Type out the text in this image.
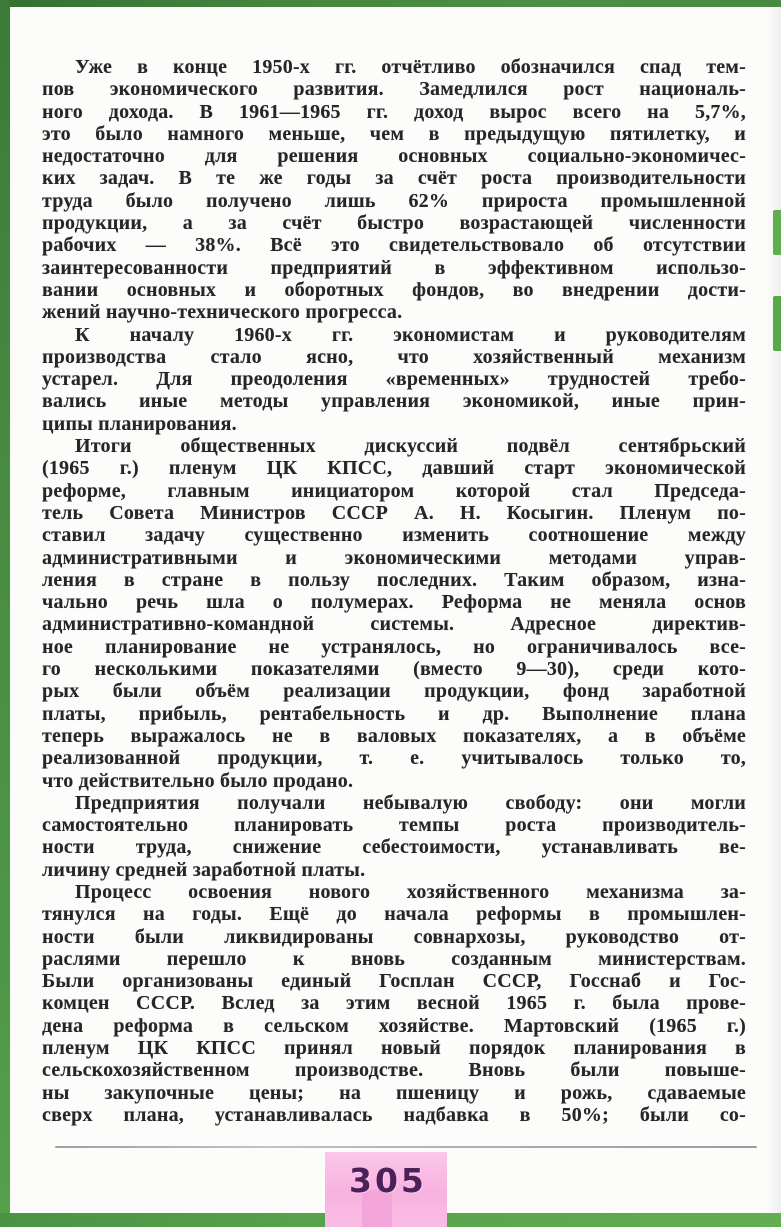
Уже в конце 1950-х гг. отчётливо обозначился спад тем-
пов экономического развития. Замедлился рост националь-
ного дохода. В 1961—1965 гг. доход вырос всего на 5,7%,
это было намного меньше, чем в предыдущую пятилетку, и
недостаточно для решения основных социально-экономичес-
ких задач. В те же годы за счёт роста производительности
труда было получено лишь 62% прироста промышленной
продукции, а за счёт быстро возрастающей численности
рабочих — 38%. Всё это свидетельствовало об отсутствии
заинтересованности предприятий в эффективном использо-
вании основных и оборотных фондов, во внедрении дости-
жений научно-технического прогресса.
К началу 1960-х гг. экономистам и руководителям
производства стало ясно, что хозяйственный механизм
устарел. Для преодоления «временных» трудностей требо-
вались иные методы управления экономикой, иные прин-
ципы планирования.
Итоги общественных дискуссий подвёл сентябрьский
(1965 г.) пленум ЦК КПСС, давший старт экономической
реформе, главным инициатором которой стал Председа-
тель Совета Министров СССР А. Н. Косыгин. Пленум по-
ставил задачу существенно изменить соотношение между
административными и экономическими методами управ-
ления в стране в пользу последних. Таким образом, изна-
чально речь шла о полумерах. Реформа не меняла основ
административно-командной системы. Адресное директив-
ное планирование не устранялось, но ограничивалось все-
го несколькими показателями (вместо 9—30), среди кото-
рых были объём реализации продукции, фонд заработной
платы, прибыль, рентабельность и др. Выполнение плана
теперь выражалось не в валовых показателях, а в объёме
реализованной продукции, т. е. учитывалось только то,
что действительно было продано.
Предприятия получали небывалую свободу: они могли
самостоятельно планировать темпы роста производитель-
ности труда, снижение себестоимости, устанавливать ве-
личину средней заработной платы.
Процесс освоения нового хозяйственного механизма за-
тянулся на годы. Ещё до начала реформы в промышлен-
ности были ликвидированы совнархозы, руководство от-
раслями перешло к вновь созданным министерствам.
Были организованы единый Госплан СССР, Госснаб и Гос-
комцен СССР. Вслед за этим весной 1965 г. была прове-
дена реформа в сельском хозяйстве. Мартовский (1965 г.)
пленум ЦК КПСС принял новый порядок планирования в
сельскохозяйственном производстве. Вновь были повыше-
ны закупочные цены; на пшеницу и рожь, сдаваемые
сверх плана, устанавливалась надбавка в 50%; были со-
305
